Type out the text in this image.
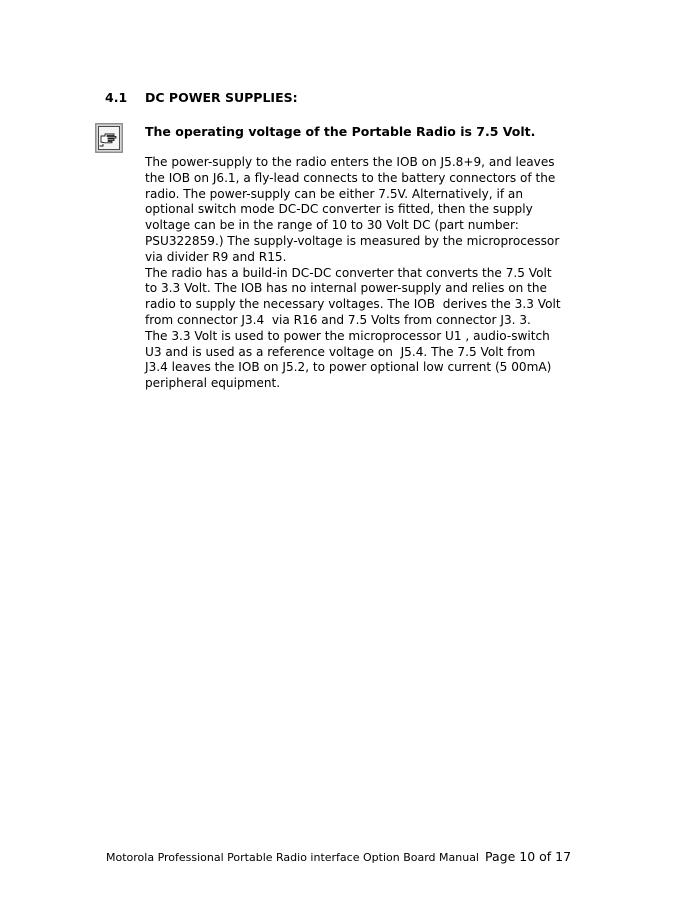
4.1	DC POWER SUPPLIES:
The operating voltage of the Portable Radio is 7.5 Volt.
The power-supply to the radio enters the IOB on J5.8+9, and leaves
the IOB on J6.1, a fly-lead connects to the battery connectors of the
radio. The power-supply can be either 7.5V. Alternatively, if an
optional switch mode DC-DC converter is fitted, then the supply
voltage can be in the range of 10 to 30 Volt DC (part number:
PSU322859.) The supply-voltage is measured by the microprocessor
via divider R9 and R15.
The radio has a build-in DC-DC converter that converts the 7.5 Volt
to 3.3 Volt. The IOB has no internal power-supply and relies on the
radio to supply the necessary voltages. The IOB  derives the 3.3 Volt
from connector J3.4  via R16 and 7.5 Volts from connector J3. 3.
The 3.3 Volt is used to power the microprocessor U1 , audio-switch
U3 and is used as a reference voltage on  J5.4. The 7.5 Volt from
J3.4 leaves the IOB on J5.2, to power optional low current (5 00mA)
peripheral equipment.
Motorola Professional Portable Radio interface Option Board Manual Page 10 of 17
